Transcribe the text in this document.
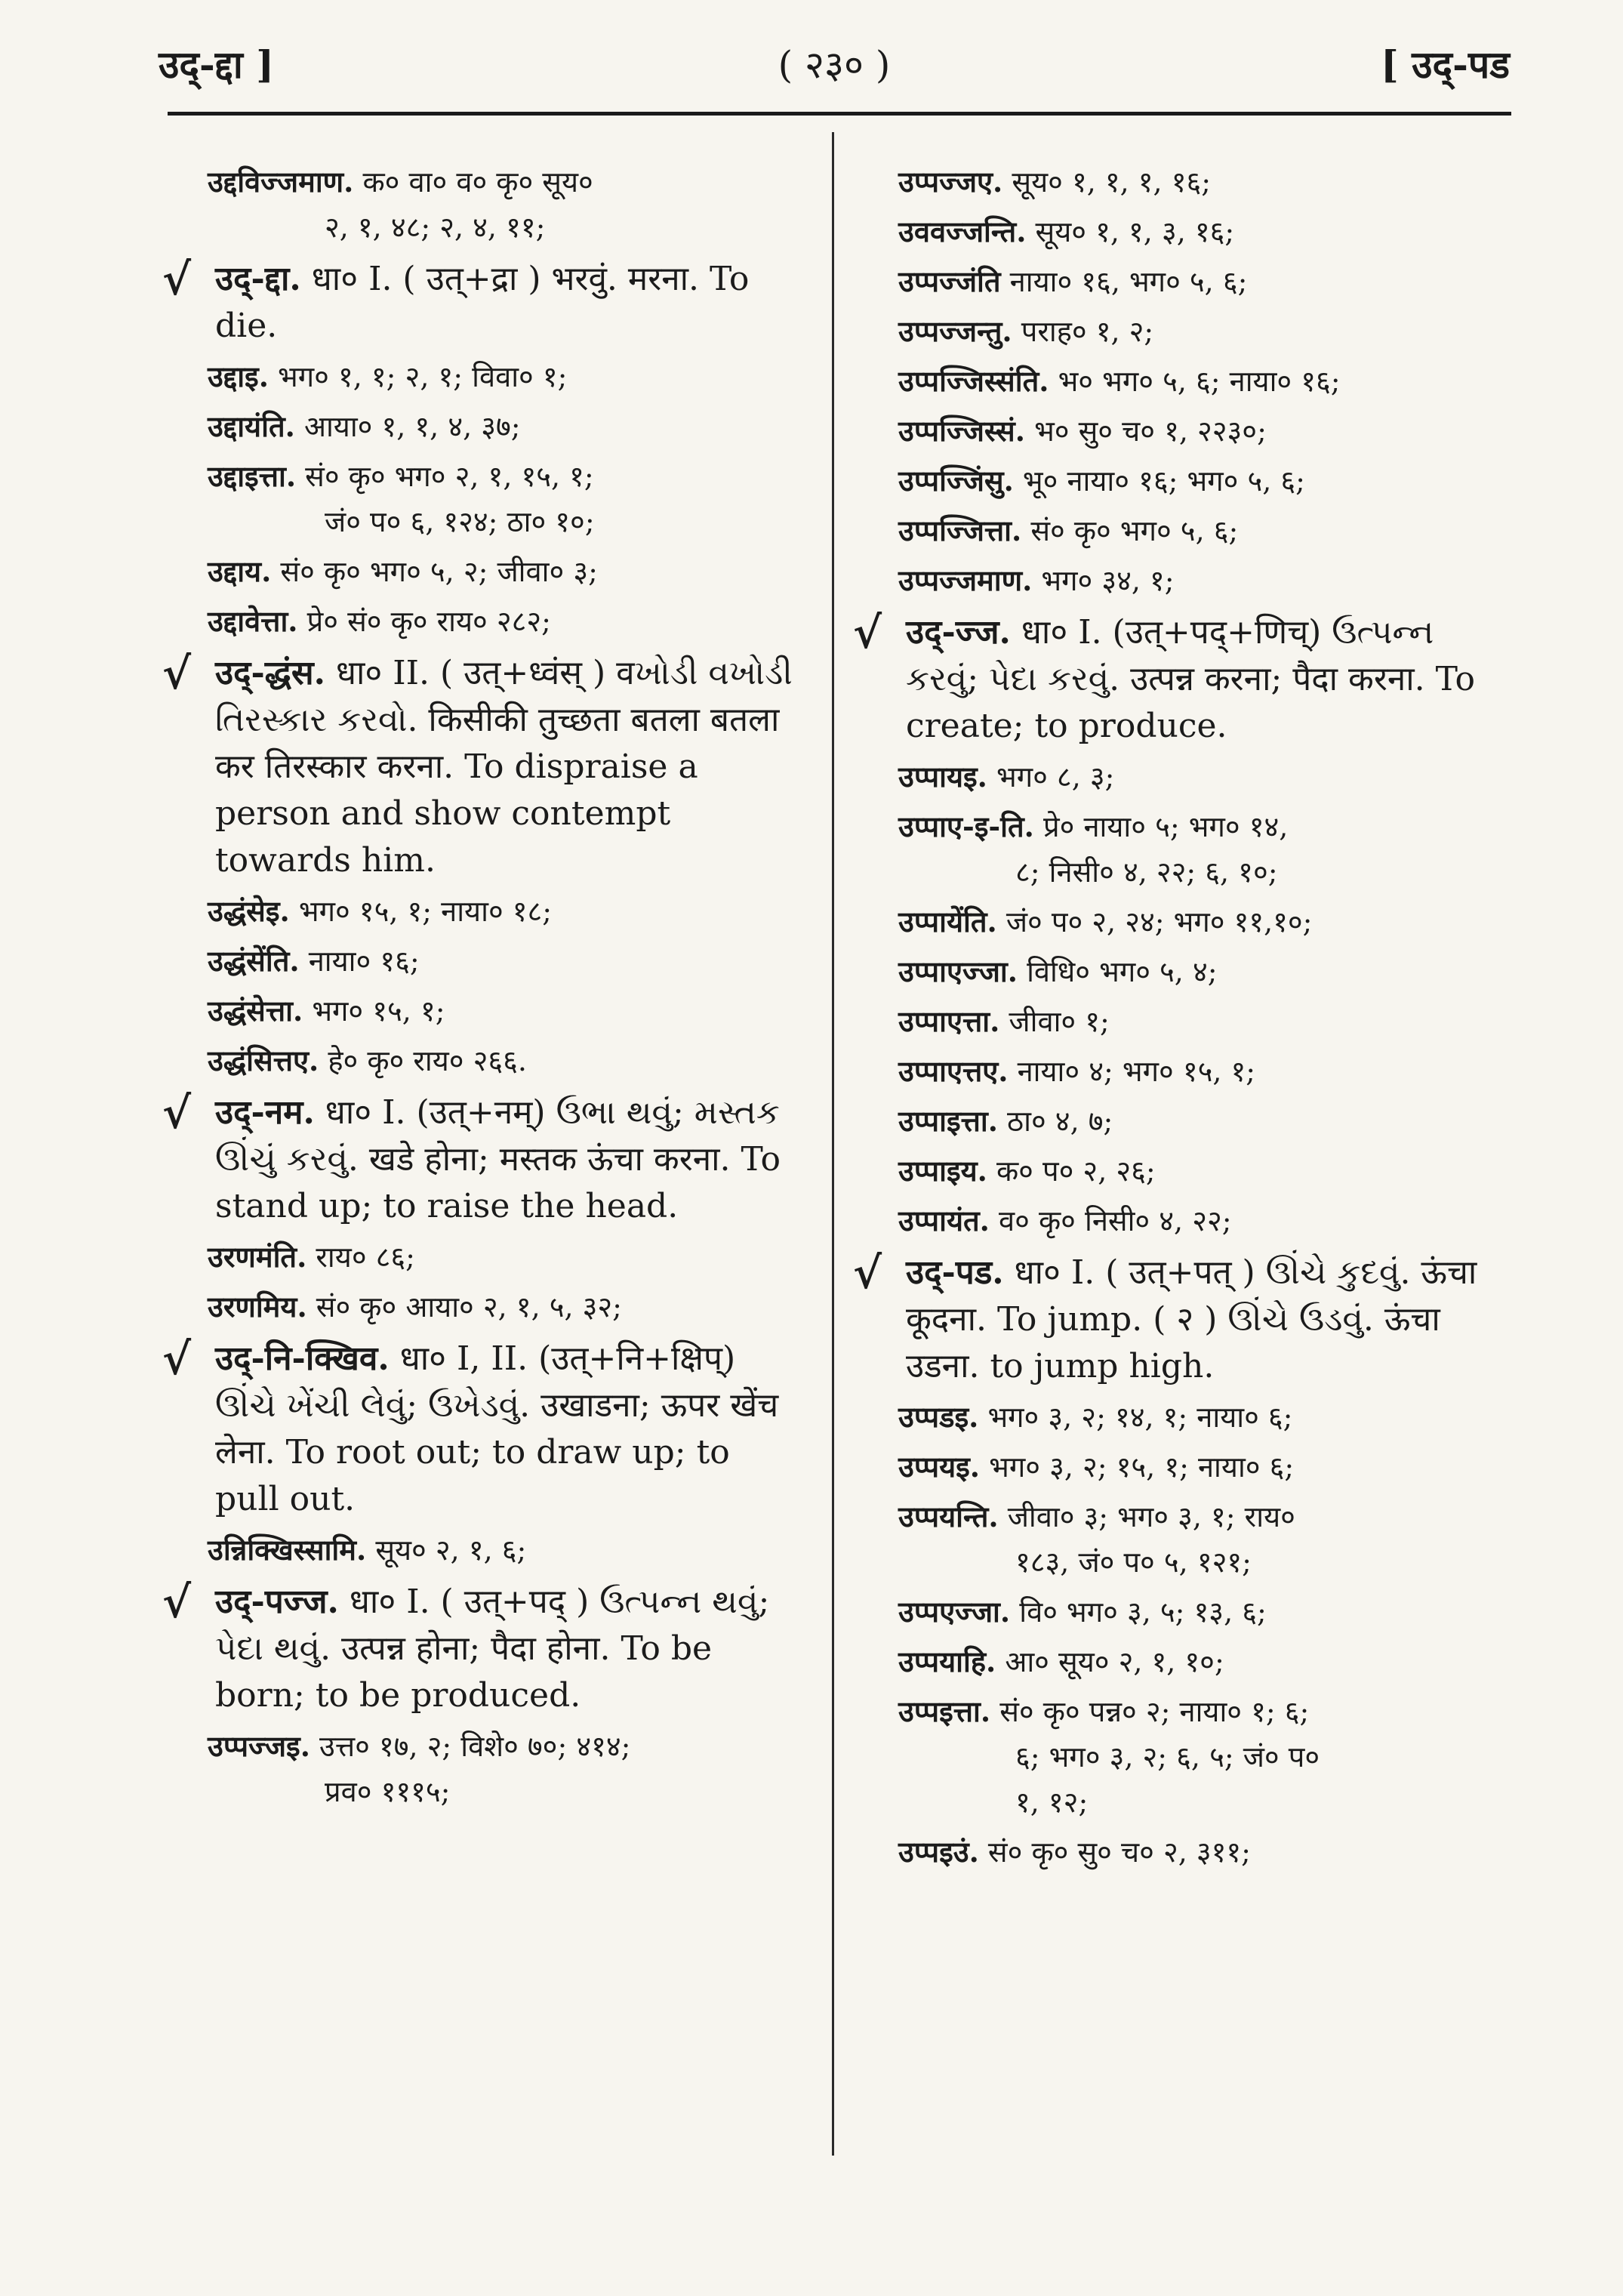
उद्-द्दा ]	( २३० )	[ उद्-पड
उद्दविज्जमाण. क० वा० व० कृ० सूय०
२, १, ४८; २, ४, ११;
√ उद्-द्दा. धा० I. ( उत्+द्रा ) भरवुं. मरना. To die.
उद्दाइ. भग० १, १; २, १; विवा० १;
उद्दायंति. आया० १, १, ४, ३७;
उद्दाइत्ता. सं० कृ० भग० २, १, १५, १;
जं० प० ६, १२४; ठा० १०;
उद्दाय. सं० कृ० भग० ५, २; जीवा० ३;
उद्दावेत्ता. प्रे० सं० कृ० राय० २८२;
√ उद्-द्धंस. धा० II. ( उत्+ध्वंस् ) वખોડી વખોડી તિરસ્કાર કરવો. किसीकी तुच्छता बतला बतला कर तिरस्कार करना. To dispraise a person and show contempt towards him.
उद्धंसेइ. भग० १५, १; नाया० १८;
उद्धंसेंति. नाया० १६;
उद्धंसेत्ता. भग० १५, १;
उद्धंसित्तए. हे० कृ० राय० २६६.
√ उद्-नम. धा० I. (उत्+नम्) ઉભા થવું; મસ્તક ઊંચું કરવું. खडे होना; मस्तक ऊंचा करना. To stand up; to raise the head.
उरणमंति. राय० ८६;
उरणमिय. सं० कृ० आया० २, १, ५, ३२;
√ उद्-नि-क्खिव. धा० I, II. (उत्+नि+क्षिप्) ઊંચે ખેંચી લેવું; ઉખેડવું. उखाडना; ऊपर खेंच लेना. To root out; to draw up; to pull out.
उन्निक्खिस्सामि. सूय० २, १, ६;
√ उद्-पज्ज. धा० I. ( उत्+पद् ) ઉત્પન્ન થવું; પેદા થવું. उत्पन्न होना; पैदा होना. To be born; to be produced.
उप्पज्जइ. उत्त० १७, २; विशे० ७०; ४१४;
प्रव० १११५;
उप्पज्जए. सूय० १, १, १, १६;
उववज्जन्ति. सूय० १, १, ३, १६;
उप्पज्जंति नाया० १६, भग० ५, ६;
उप्पज्जन्तु. पराह० १, २;
उप्पज्जिस्संति. भ० भग० ५, ६; नाया० १६;
उप्पज्जिस्सं. भ० सु० च० १, २२३०;
उप्पज्जिंसु. भू० नाया० १६; भग० ५, ६;
उप्पज्जित्ता. सं० कृ० भग० ५, ६;
उप्पज्जमाण. भग० ३४, १;
√ उद्-ज्ज. धा० I. (उत्+पद्+णिच्) ઉત્પન્ન કરવું; પેદા કરવું. उत्पन्न करना; पैदा करना. To create; to produce.
उप्पायइ. भग० ८, ३;
उप्पाए-इ-ति. प्रे० नाया० ५; भग० १४,
८; निसी० ४, २२; ६, १०;
उप्पायेंति. जं० प० २, २४; भग० ११,१०;
उप्पाएज्जा. विधि० भग० ५, ४;
उप्पाएत्ता. जीवा० १;
उप्पाएत्तए. नाया० ४; भग० १५, १;
उप्पाइत्ता. ठा० ४, ७;
उप्पाइय. क० प० २, २६;
उप्पायंत. व० कृ० निसी० ४, २२;
√ उद्-पड. धा० I. ( उत्+पत् ) ઊંચે કુદવું. ऊंचा कूदना. To jump. ( २ ) ઊંચે ઉડવું. ऊंचा उडना. to jump high.
उप्पडइ. भग० ३, २; १४, १; नाया० ६;
उप्पयइ. भग० ३, २; १५, १; नाया० ६;
उप्पयन्ति. जीवा० ३; भग० ३, १; राय०
१८३, जं० प० ५, १२१;
उप्पएज्जा. वि० भग० ३, ५; १३, ६;
उप्पयाहि. आ० सूय० २, १, १०;
उप्पइत्ता. सं० कृ० पन्न० २; नाया० १; ६;
६; भग० ३, २; ६, ५; जं० प०
१, १२;
उप्पइउं. सं० कृ० सु० च० २, ३११;
